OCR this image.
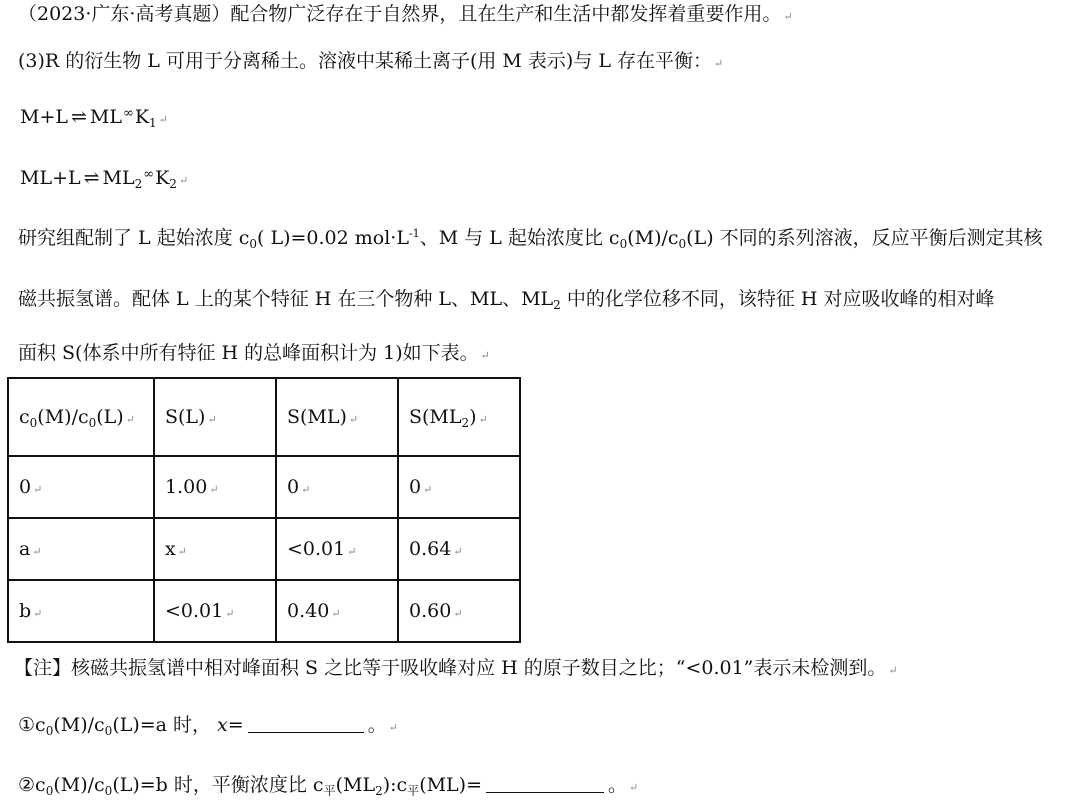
（2023·广东·高考真题）配合物广泛存在于自然界，且在生产和生活中都发挥着重要作用。 ↵
(3)R 的衍生物 L 可用于分离稀土。溶液中某稀土离子(用 M 表示)与 L 存在平衡： ↵
M+L ⇌ $ML^\infty K_1$ ↵
ML+L ⇌ $ML_2^\infty K_2$ ↵
研究组配制了 L 起始浓度 $c_0$( L)=0.02 $mol\cdot L^{-1}$、M 与 L 起始浓度比 $c_0(M)/c_0(L)$ 不同的系列溶液，反应平衡后测定其核
磁共振氢谱。配体 L 上的某个特征 H 在三个物种 L、ML、$ML_2$ 中的化学位移不同，该特征 H 对应吸收峰的相对峰
面积 S(体系中所有特征 H 的总峰面积计为 1)如下表。 ↵
$c_0(M)/c_0(L)$ ↵	S(L) ↵	S(ML) ↵	$S(ML_2)$ ↵
0 ↵	1.00 ↵	0 ↵	0 ↵
a ↵	x ↵	<0.01 ↵	0.64 ↵
b ↵	<0.01 ↵	0.40 ↵	0.60 ↵
【注】核磁共振氢谱中相对峰面积 S 之比等于吸收峰对应 H 的原子数目之比；“<0.01”表示未检测到。 ↵
$①c_0(M)/c_0(L)=a$ 时， x=	。 ↵
$②c_0(M)/c_0(L)=b$ 时，平衡浓度比 $c_平(ML_2):c_平(ML)=$	。 ↵
